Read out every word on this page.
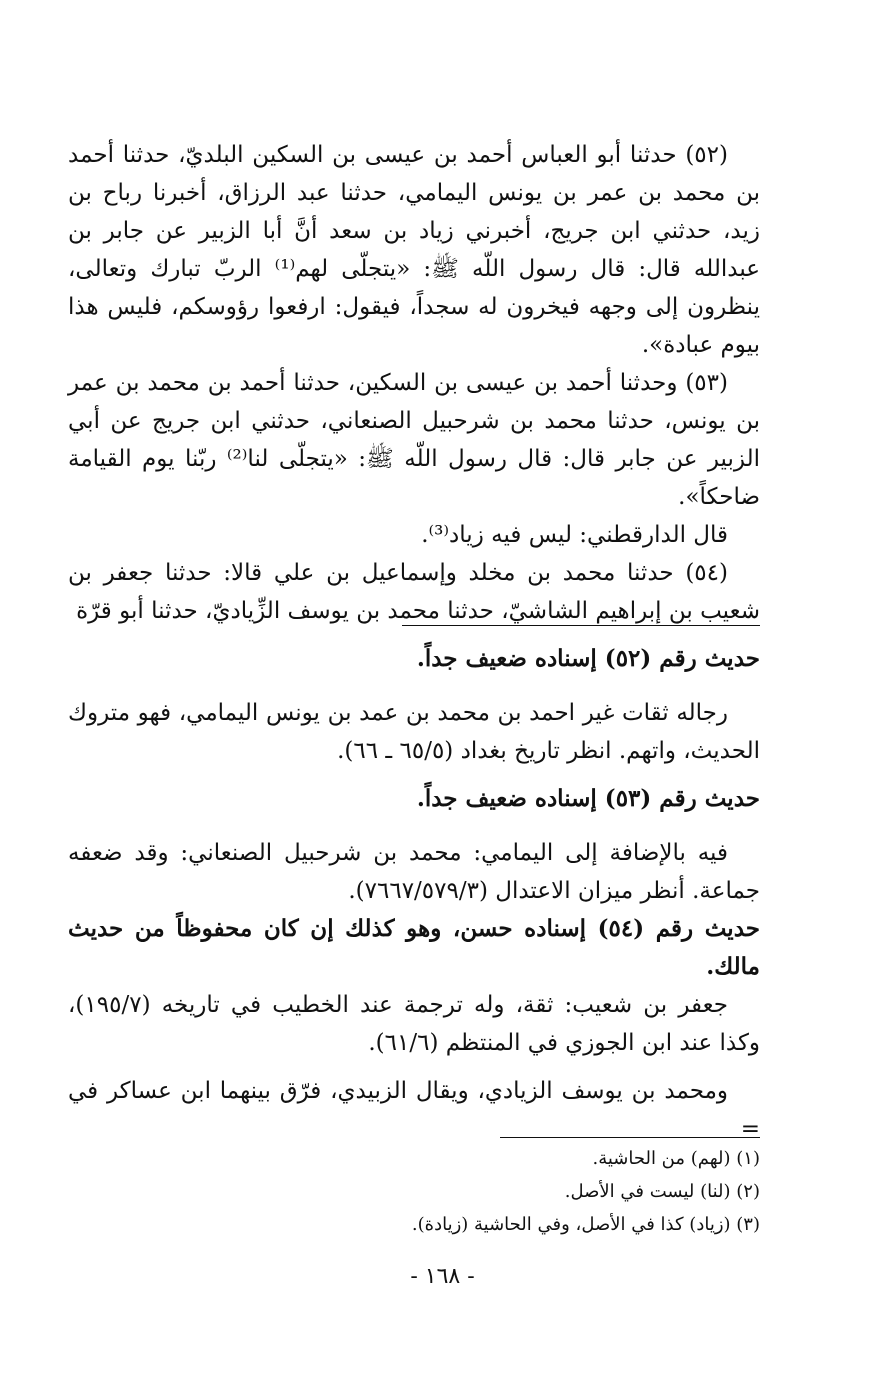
(٥٢) حدثنا أبو العباس أحمد بن عيسى بن السكين البلديّ، حدثنا أحمد بن محمد بن عمر بن يونس اليمامي، حدثنا عبد الرزاق، أخبرنا رباح بن زيد، حدثني ابن جريج، أخبرني زياد بن سعد أنَّ أبا الزبير عن جابر بن عبدالله قال: قال رسول اللّه ﷺ: «يتجلّى لهم⁽¹⁾ الربّ تبارك وتعالى، ينظرون إلى وجهه فيخرون له سجداً، فيقول: ارفعوا رؤوسكم، فليس هذا بيوم عبادة».

(٥٣) وحدثنا أحمد بن عيسى بن السكين، حدثنا أحمد بن محمد بن عمر بن يونس، حدثنا محمد بن شرحبيل الصنعاني، حدثني ابن جريج عن أبي الزبير عن جابر قال: قال رسول اللّه ﷺ: «يتجلّى لنا⁽²⁾ ربّنا يوم القيامة ضاحكاً».

قال الدارقطني: ليس فيه زياد⁽³⁾.

(٥٤) حدثنا محمد بن مخلد وإسماعيل بن علي قالا: حدثنا جعفر بن شعيب بن إبراهيم الشاشيّ، حدثنا محمد بن يوسف الزِّياديّ، حدثنا أبو قرّة

حديث رقم (٥٢) إسناده ضعيف جداً.

رجاله ثقات غير احمد بن محمد بن عمد بن يونس اليمامي، فهو متروك الحديث، واتهم. انظر تاريخ بغداد (٦٥/٥ ـ ٦٦).

حديث رقم (٥٣) إسناده ضعيف جداً.

فيه بالإضافة إلى اليمامي: محمد بن شرحبيل الصنعاني: وقد ضعفه جماعة. أنظر ميزان الاعتدال (٧٦٦٧/٥٧٩/٣).

حديث رقم (٥٤) إسناده حسن، وهو كذلك إن كان محفوظاً من حديث مالك.

جعفر بن شعيب: ثقة، وله ترجمة عند الخطيب في تاريخه (١٩٥/٧)، وكذا عند ابن الجوزي في المنتظم (٦١/٦).

ومحمد بن يوسف الزيادي، ويقال الزبيدي، فرّق بينهما ابن عساكر في =

(١) (لهم) من الحاشية.

(٢) (لنا) ليست في الأصل.

(٣) (زياد) كذا في الأصل، وفي الحاشية (زيادة).

- ١٦٨ -
